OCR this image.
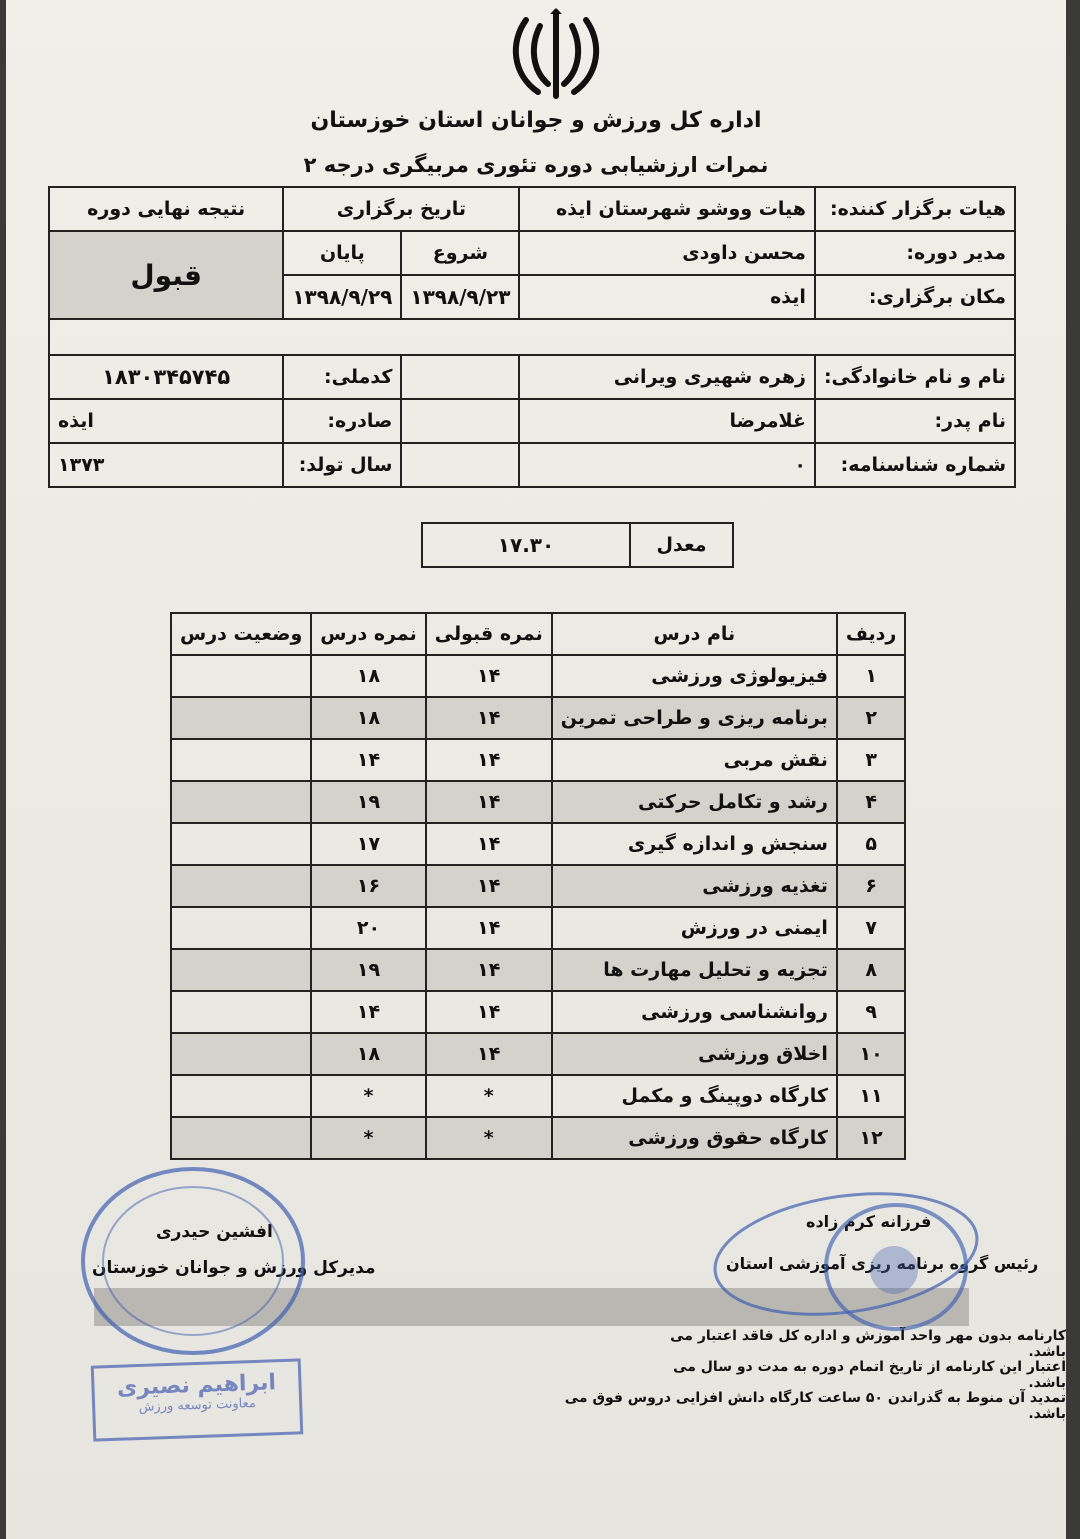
اداره کل ورزش و جوانان استان خوزستان
نمرات ارزشیابی دوره تئوری مربیگری درجه ۲
هیات برگزار کننده:	هیات ووشو شهرستان ایذه	تاریخ برگزاری		نتیجه نهایی دوره
مدیر دوره:	محسن داودی	شروع	پایان	قبول
مکان برگزاری:	ایذه	۱۳۹۸/۹/۲۳	۱۳۹۸/۹/۲۹	

نام و نام خانوادگی:	زهره شهیری ویرانی		کدملی:	۱۸۳۰۳۴۵۷۴۵
نام پدر:	غلامرضا		صادره:	ایذه
شماره شناسنامه:	۰		سال تولد:	۱۳۷۳
معدل	۱۷.۳۰
ردیف	نام درس	نمره قبولی	نمره درس	وضعیت درس
۱	فیزیولوژی ورزشی	۱۴	۱۸	
۲	برنامه ریزی و طراحی تمرین	۱۴	۱۸	
۳	نقش مربی	۱۴	۱۴	
۴	رشد و تکامل حرکتی	۱۴	۱۹	
۵	سنجش و اندازه گیری	۱۴	۱۷	
۶	تغذیه ورزشی	۱۴	۱۶	
۷	ایمنی در ورزش	۱۴	۲۰	
۸	تجزیه و تحلیل مهارت ها	۱۴	۱۹	
۹	روانشناسی ورزشی	۱۴	۱۴	
۱۰	اخلاق ورزشی	۱۴	۱۸	
۱۱	کارگاه دوپینگ و مکمل	*	*	
۱۲	کارگاه حقوق ورزشی	*	*	
افشین حیدری
مدیرکل ورزش و جوانان خوزستان
فرزانه کرم زاده
رئیس گروه برنامه ریزی آموزشی استان
ابراهیم نصیری
معاونت توسعه ورزش
کارنامه بدون مهر واحد آموزش و اداره کل فاقد اعتبار می باشد.
اعتبار این کارنامه از تاریخ اتمام دوره به مدت دو سال می باشد.
تمدید آن منوط به گذراندن ۵۰ ساعت کارگاه دانش افزایی دروس فوق می باشد.
